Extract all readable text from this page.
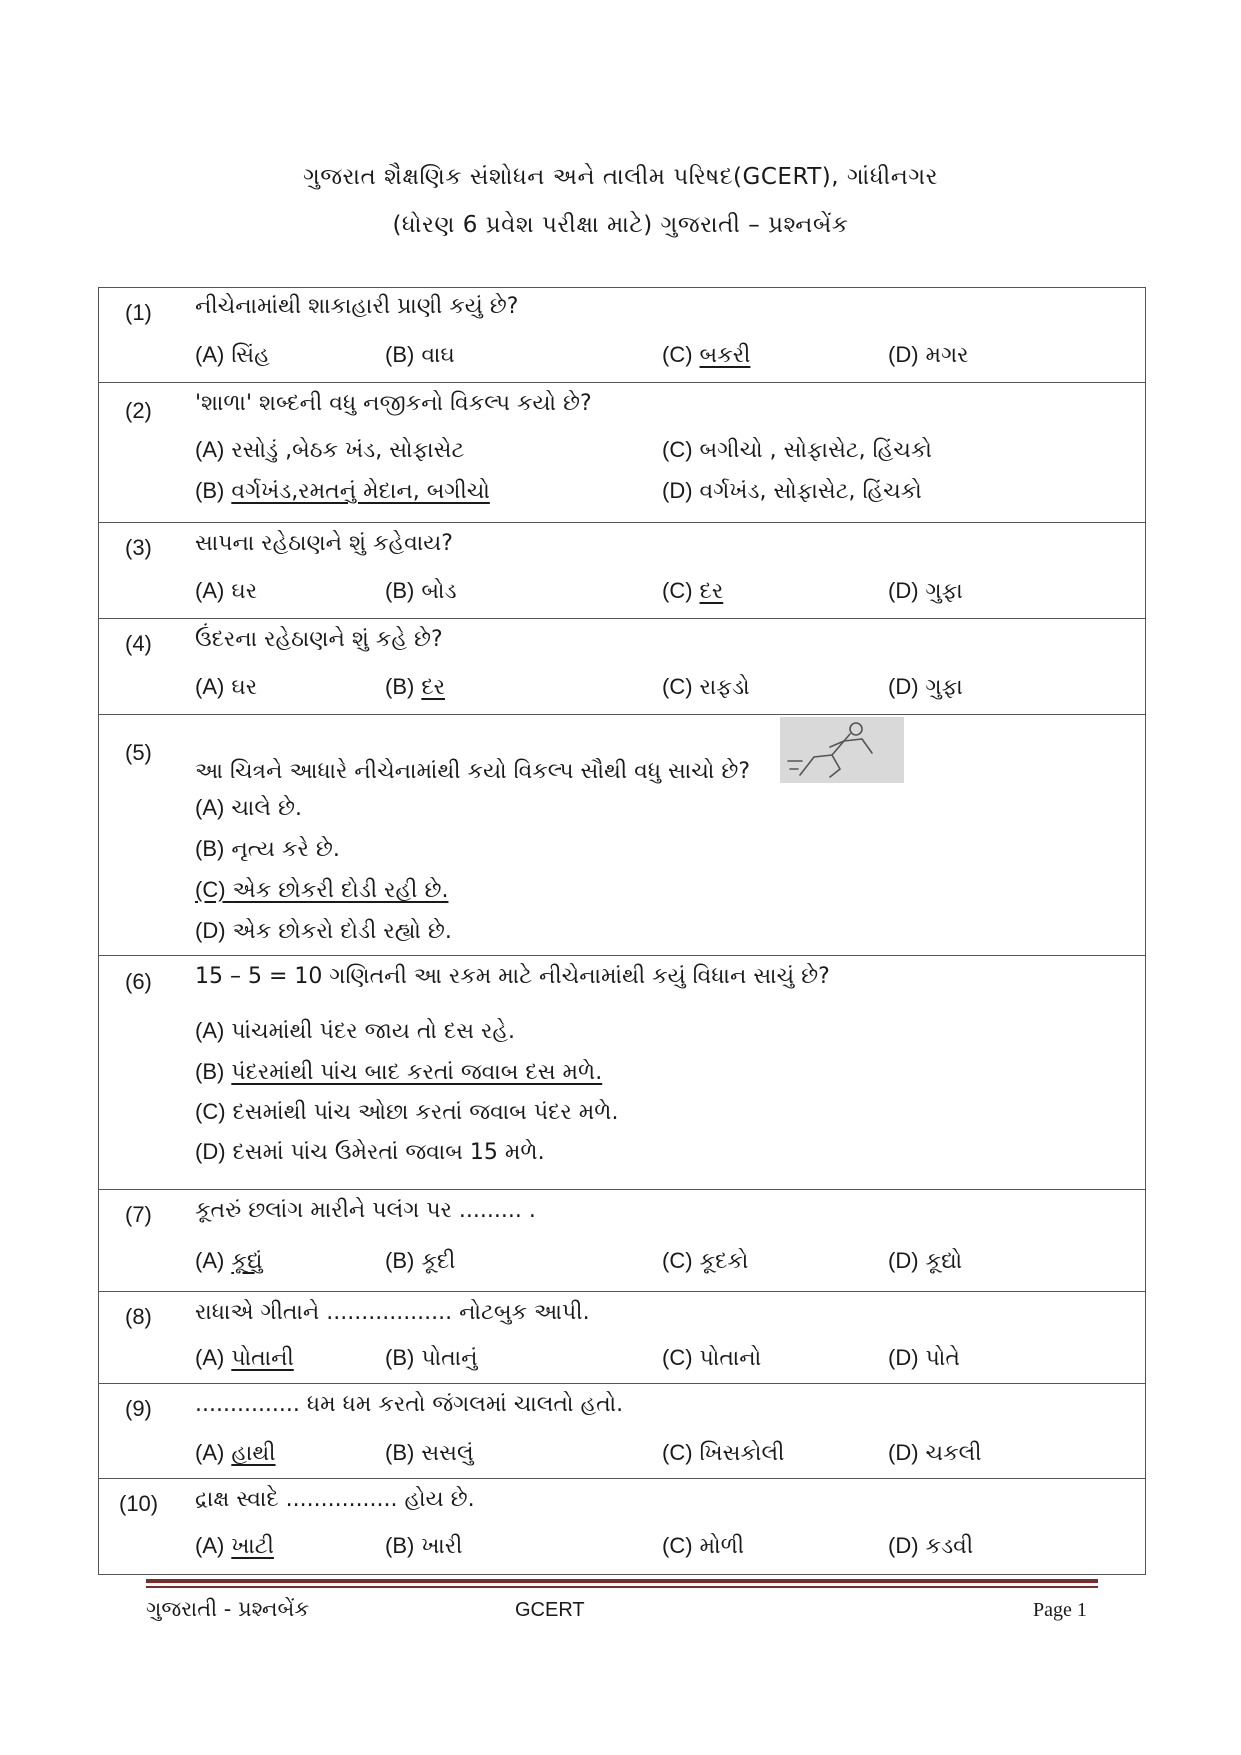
ગુજરાત શૈક્ષણિક સંશોધન અને તાલીમ પરિષદ(GCERT), ગાંધીનગર
(ધોરણ 6 પ્રવેશ પરીક્ષા માટે) ગુજરાતી – પ્રશ્નબેંક
(1) નીચેનામાંથી શાકાહારી પ્રાણી કયું છે?
(A) સિંહ	(B) વાઘ	(C) બકરી	(D) મગર

(2) 'શાળા' શબ્દની વધુ નજીકનો વિકલ્પ કયો છે?
(A) રસોડું ,બેઠક ખંડ, સોફાસેટ	(C) બગીચો , સોફાસેટ, હિંચકો
(B) વર્ગખંડ,રમતનું મેદાન, બગીચો	(D) વર્ગખંડ, સોફાસેટ, હિંચકો

(3) સાપના રહેઠાણને શું કહેવાય?
(A) ઘર	(B) બોડ	(C) દર	(D) ગુફા

(4) ઉંદરના રહેઠાણને શું કહે છે?
(A) ઘર	(B) દર	(C) રાફડો	(D) ગુફા

(5)
આ ચિત્રને આધારે નીચેનામાંથી કયો વિકલ્પ સૌથી વધુ સાચો છે?
(A) ચાલે છે.
(B) નૃત્ય કરે છે.
(C) એક છોકરી દોડી રહી છે.
(D) એક છોકરો દોડી રહ્યો છે.

(6) 15 – 5 = 10 ગણિતની આ રકમ માટે નીચેનામાંથી કયું વિધાન સાચું છે?
(A) પાંચમાંથી પંદર જાય તો દસ રહે.
(B) પંદરમાંથી પાંચ બાદ કરતાં જવાબ દસ મળે.
(C) દસમાંથી પાંચ ઓછા કરતાં જવાબ પંદર મળે.
(D) દસમાં પાંચ ઉમેરતાં જવાબ 15 મળે.

(7) કૂતરું છલાંગ મારીને પલંગ પર ......... .
(A) કૂદ્યું	(B) કૂદી	(C) કૂદકો	(D) કૂદ્યો

(8) રાધાએ ગીતાને .................. નોટબુક આપી.
(A) પોતાની	(B) પોતાનું	(C) પોતાનો	(D) પોતે

(9) ............... ધમ ધમ કરતો જંગલમાં ચાલતો હતો.
(A) હાથી	(B) સસલું	(C) ખિસકોલી	(D) ચકલી

(10) દ્રાક્ષ સ્વાદે ................ હોય છે.
(A) ખાટી	(B) ખારી	(C) મોળી	(D) કડવી
ગુજરાતી - પ્રશ્નબેંક	GCERT	Page 1
